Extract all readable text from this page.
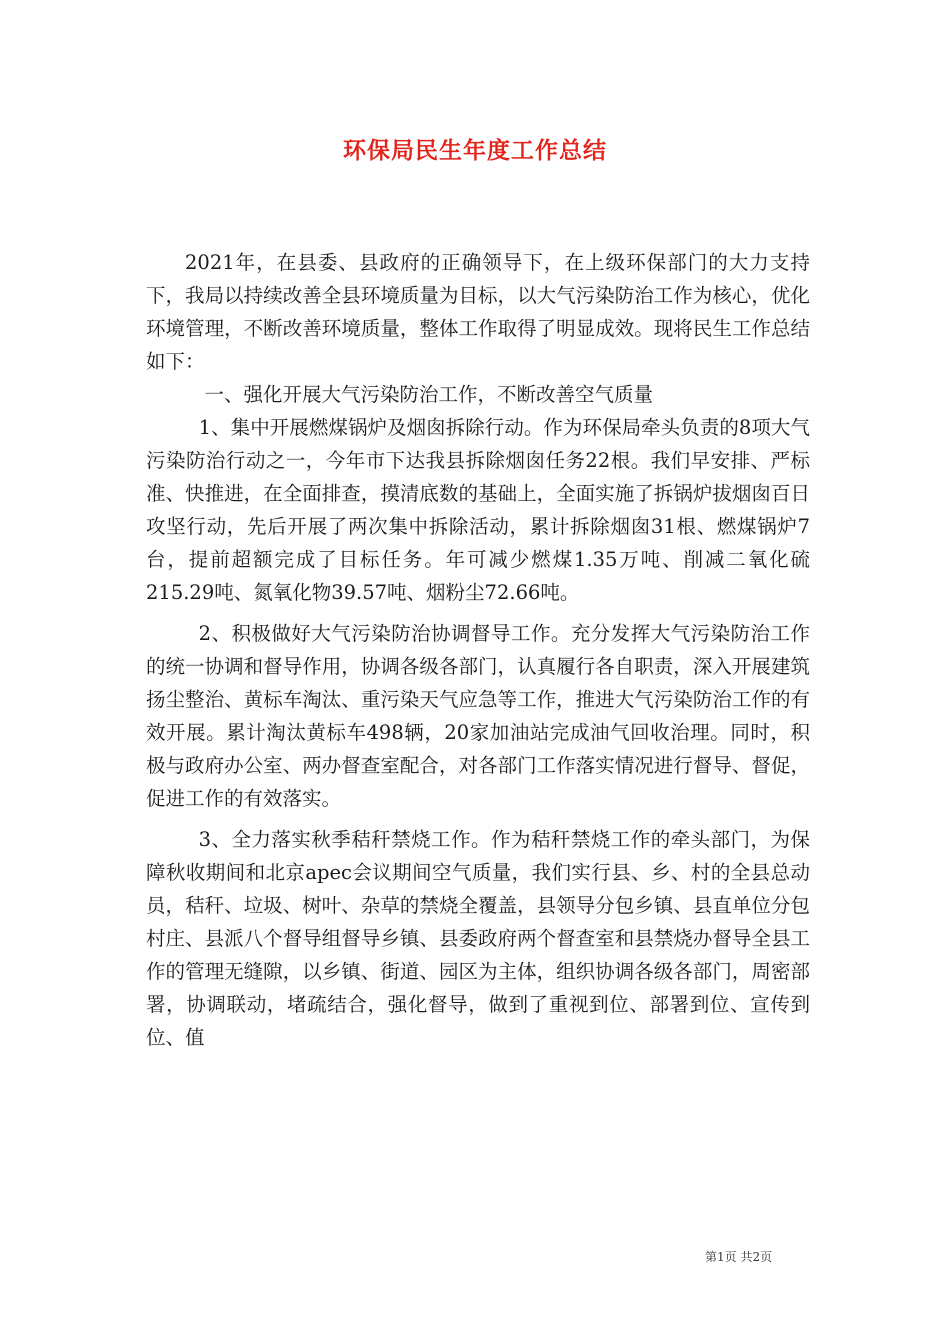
环保局民生年度工作总结

2021年，在县委、县政府的正确领导下，在上级环保部门的大力支持下，我局以持续改善全县环境质量为目标，以大气污染防治工作为核心，优化环境管理，不断改善环境质量，整体工作取得了明显成效。现将民生工作总结如下：

一、强化开展大气污染防治工作，不断改善空气质量

1、集中开展燃煤锅炉及烟囱拆除行动。作为环保局牵头负责的8项大气污染防治行动之一，今年市下达我县拆除烟囱任务22根。我们早安排、严标准、快推进，在全面排查，摸清底数的基础上，全面实施了拆锅炉拔烟囱百日攻坚行动，先后开展了两次集中拆除活动，累计拆除烟囱31根、燃煤锅炉7台，提前超额完成了目标任务。年可减少燃煤1.35万吨、削减二氧化硫215.29吨、氮氧化物39.57吨、烟粉尘72.66吨。

2、积极做好大气污染防治协调督导工作。充分发挥大气污染防治工作的统一协调和督导作用，协调各级各部门，认真履行各自职责，深入开展建筑扬尘整治、黄标车淘汰、重污染天气应急等工作，推进大气污染防治工作的有效开展。累计淘汰黄标车498辆，20家加油站完成油气回收治理。同时，积极与政府办公室、两办督查室配合，对各部门工作落实情况进行督导、督促，促进工作的有效落实。

3、全力落实秋季秸秆禁烧工作。作为秸秆禁烧工作的牵头部门，为保障秋收期间和北京apec会议期间空气质量，我们实行县、乡、村的全县总动员，秸秆、垃圾、树叶、杂草的禁烧全覆盖，县领导分包乡镇、县直单位分包村庄、县派八个督导组督导乡镇、县委政府两个督查室和县禁烧办督导全县工作的管理无缝隙，以乡镇、街道、园区为主体，组织协调各级各部门，周密部署，协调联动，堵疏结合，强化督导，做到了重视到位、部署到位、宣传到位、值

第1页 共2页
